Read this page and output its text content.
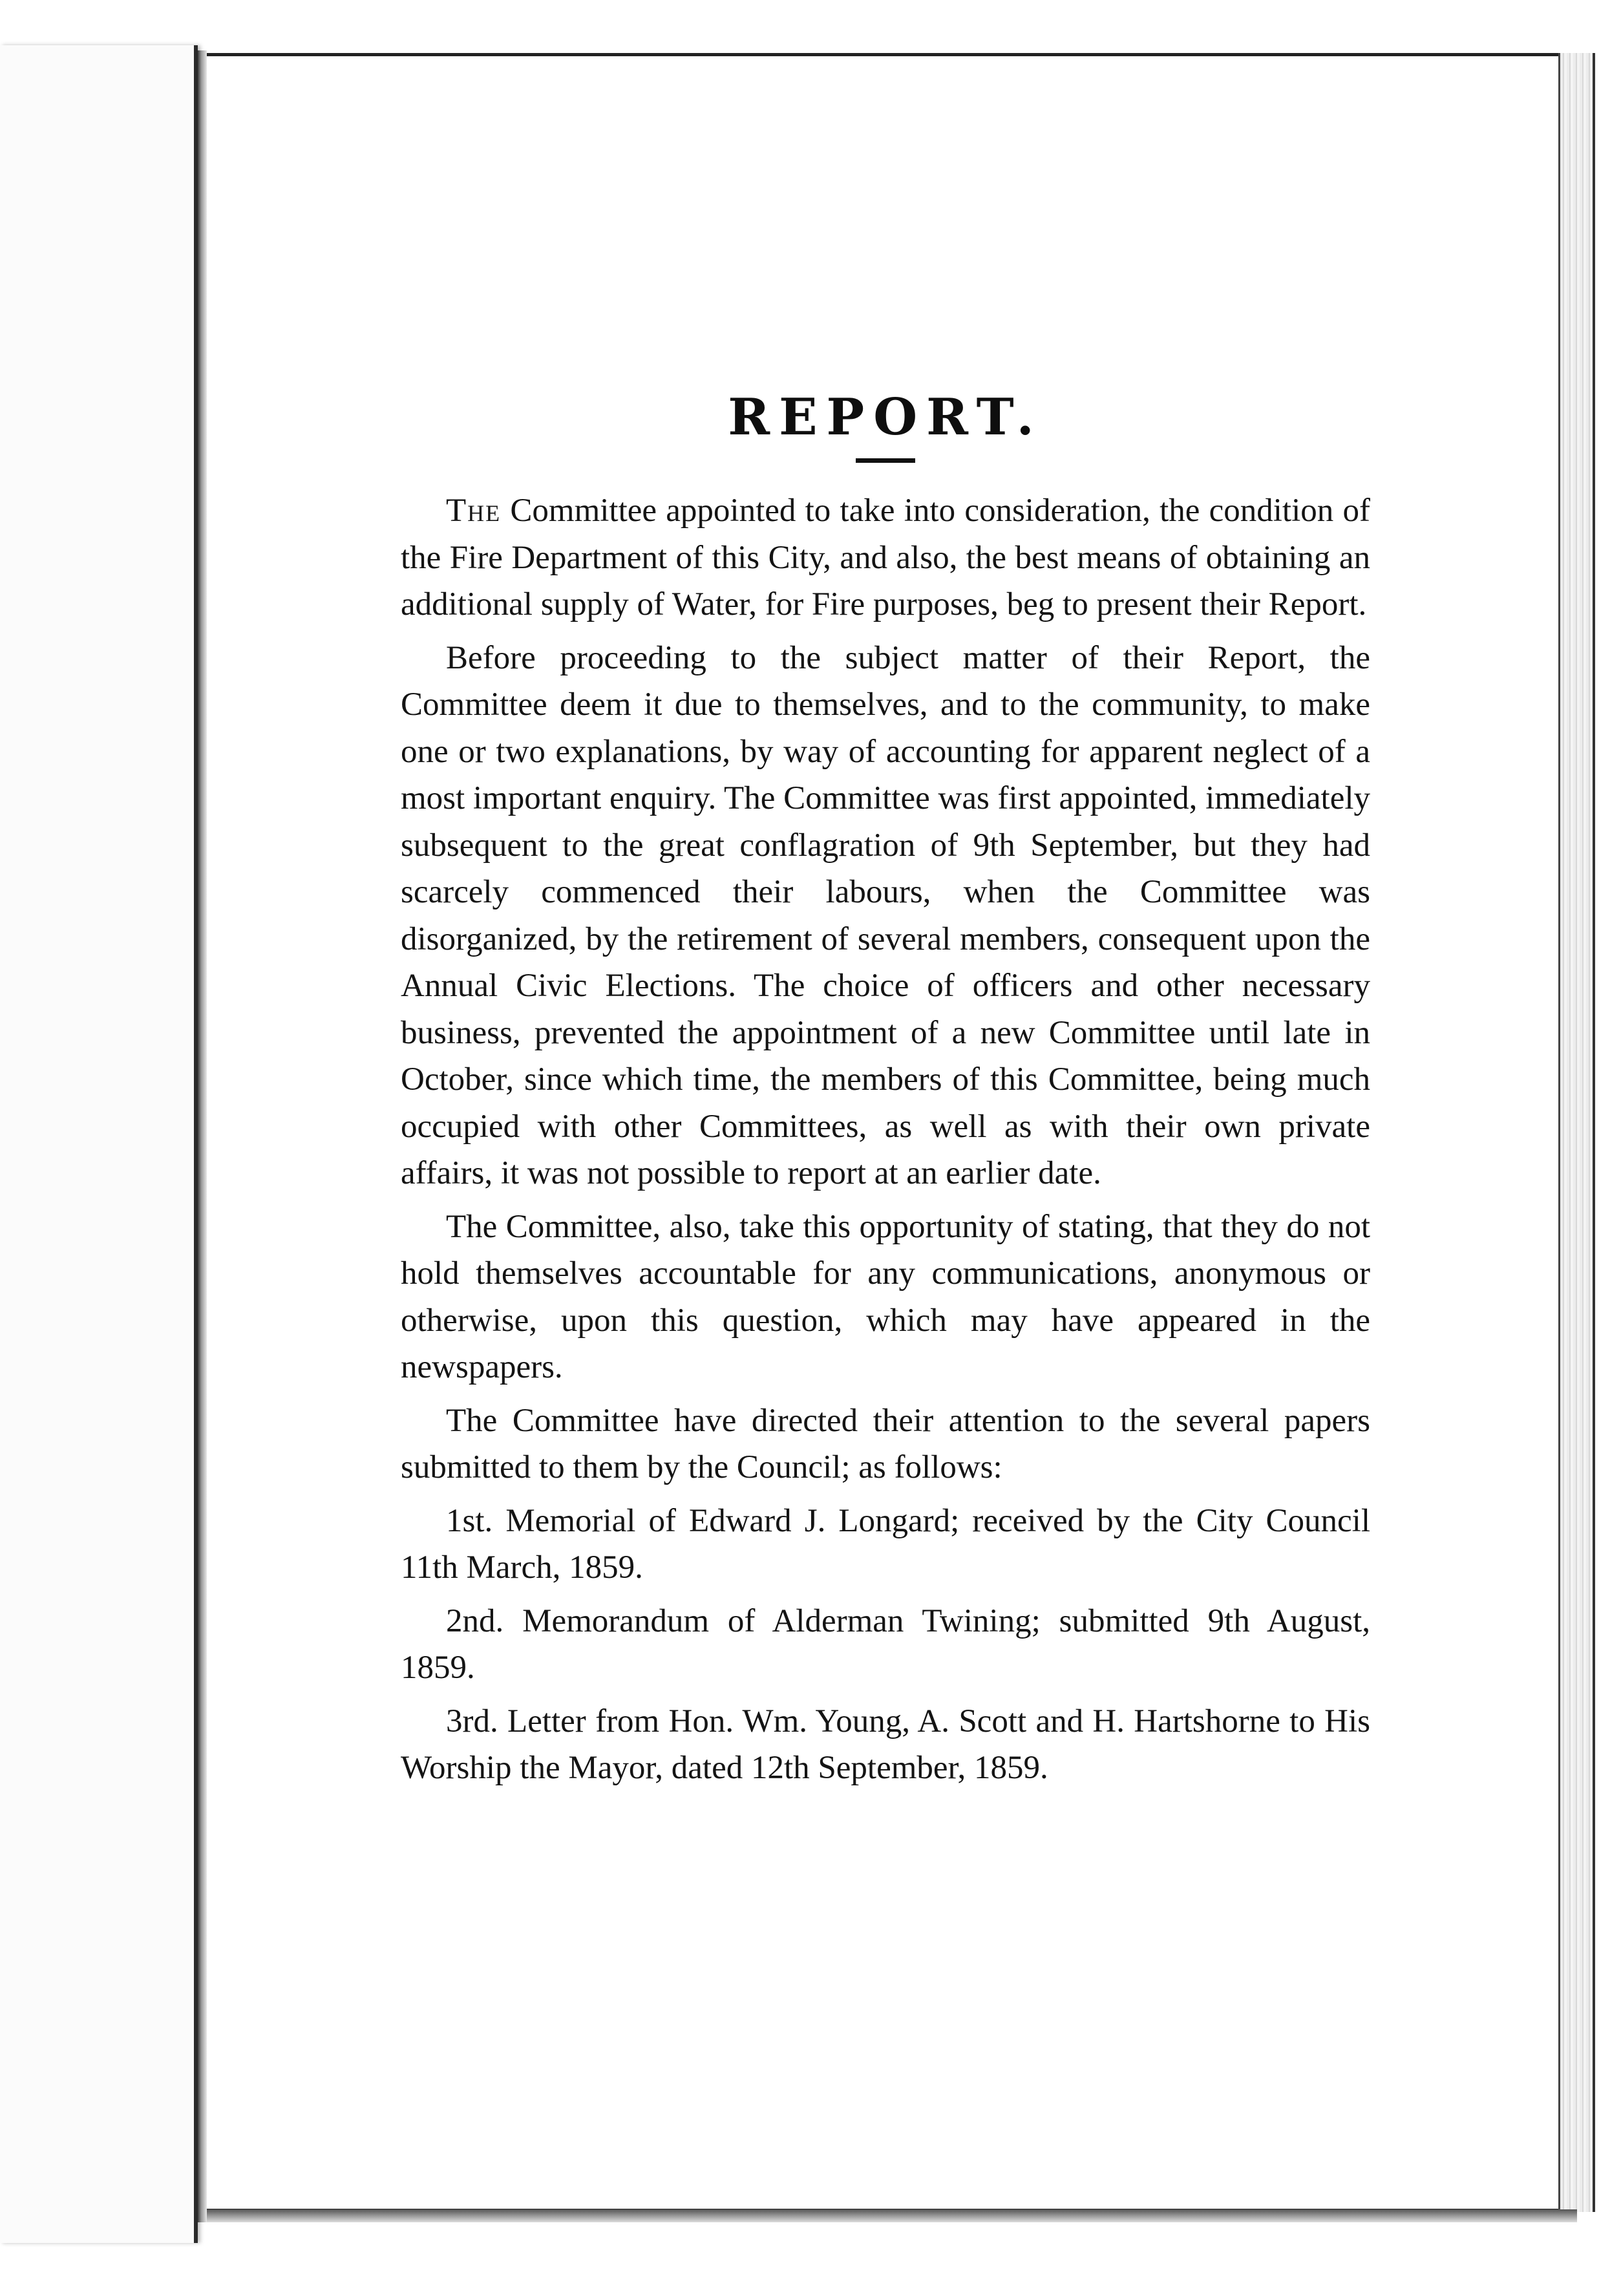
REPORT.

The Committee appointed to take into consideration, the condition of the Fire Department of this City, and also, the best means of obtaining an additional supply of Water, for Fire purposes, beg to present their Report.

Before proceeding to the subject matter of their Report, the Committee deem it due to themselves, and to the community, to make one or two explanations, by way of accounting for apparent neglect of a most important enquiry. The Committee was first appointed, immediately subsequent to the great conflagration of 9th September, but they had scarcely commenced their labours, when the Committee was disorganized, by the retirement of several members, consequent upon the Annual Civic Elections. The choice of officers and other necessary business, prevented the appointment of a new Committee until late in October, since which time, the members of this Committee, being much occupied with other Committees, as well as with their own private affairs, it was not possible to report at an earlier date.

The Committee, also, take this opportunity of stating, that they do not hold themselves accountable for any communications, anonymous or otherwise, upon this question, which may have appeared in the newspapers.

The Committee have directed their attention to the several papers submitted to them by the Council; as follows:

1st. Memorial of Edward J. Longard; received by the City Council 11th March, 1859.

2nd. Memorandum of Alderman Twining; submitted 9th August, 1859.

3rd. Letter from Hon. Wm. Young, A. Scott and H. Hartshorne to His Worship the Mayor, dated 12th September, 1859.
